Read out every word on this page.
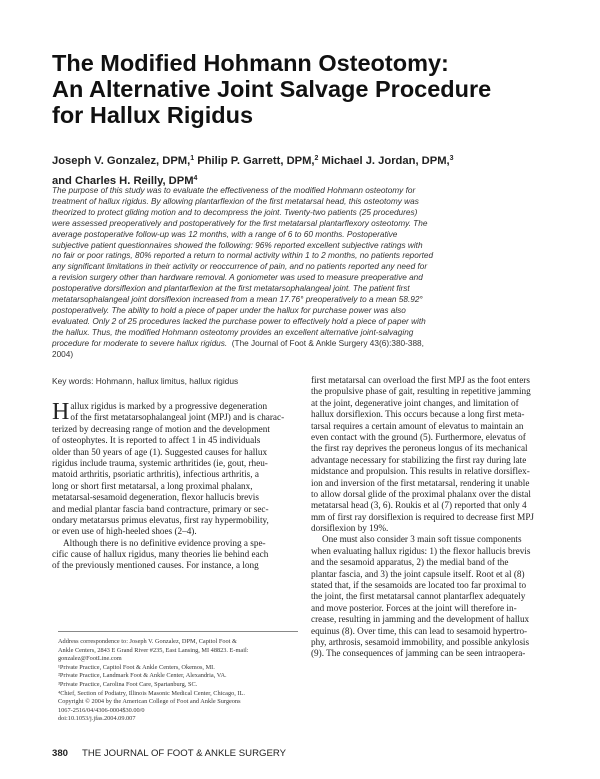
The Modified Hohmann Osteotomy:
An Alternative Joint Salvage Procedure
for Hallux Rigidus
Joseph V. Gonzalez, DPM,$^1$ Philip P. Garrett, DPM,$^2$ Michael J. Jordan, DPM,$^3$
and Charles H. Reilly, DPM$^4$
The purpose of this study was to evaluate the effectiveness of the modified Hohmann osteotomy for
treatment of hallux rigidus. By allowing plantarflexion of the first metatarsal head, this osteotomy was
theorized to protect gliding motion and to decompress the joint. Twenty-two patients (25 procedures)
were assessed preoperatively and postoperatively for the first metatarsal plantarflexory osteotomy. The
average postoperative follow-up was 12 months, with a range of 6 to 60 months. Postoperative
subjective patient questionnaires showed the following: 96% reported excellent subjective ratings with
no fair or poor ratings, 80% reported a return to normal activity within 1 to 2 months, no patients reported
any significant limitations in their activity or reoccurrence of pain, and no patients reported any need for
a revision surgery other than hardware removal. A goniometer was used to measure preoperative and
postoperative dorsiflexion and plantarflexion at the first metatarsophalangeal joint. The patient first
metatarsophalangeal joint dorsiflexion increased from a mean 17.76° preoperatively to a mean 58.92°
postoperatively. The ability to hold a piece of paper under the hallux for purchase power was also
evaluated. Only 2 of 25 procedures lacked the purchase power to effectively hold a piece of paper with
the hallux. Thus, the modified Hohmann osteotomy provides an excellent alternative joint-salvaging
procedure for moderate to severe hallux rigidus. (The Journal of Foot & Ankle Surgery 43(6):380-388,
2004)
Key words: Hohmann, hallux limitus, hallux rigidus
H allux rigidus is marked by a progressive degeneration
of the first metatarsophalangeal joint (MPJ) and is charac-
terized by decreasing range of motion and the development
of osteophytes. It is reported to affect 1 in 45 individuals
older than 50 years of age (1). Suggested causes for hallux
rigidus include trauma, systemic arthritides (ie, gout, rheu-
matoid arthritis, psoriatic arthritis), infectious arthritis, a
long or short first metatarsal, a long proximal phalanx,
metatarsal-sesamoid degeneration, flexor hallucis brevis
and medial plantar fascia band contracture, primary or sec-
ondary metatarsus primus elevatus, first ray hypermobility,
or even use of high-heeled shoes (2–4).
Although there is no definitive evidence proving a spe-
cific cause of hallux rigidus, many theories lie behind each
of the previously mentioned causes. For instance, a long
first metatarsal can overload the first MPJ as the foot enters
the propulsive phase of gait, resulting in repetitive jamming
at the joint, degenerative joint changes, and limitation of
hallux dorsiflexion. This occurs because a long first meta-
tarsal requires a certain amount of elevatus to maintain an
even contact with the ground (5). Furthermore, elevatus of
the first ray deprives the peroneus longus of its mechanical
advantage necessary for stabilizing the first ray during late
midstance and propulsion. This results in relative dorsiflex-
ion and inversion of the first metatarsal, rendering it unable
to allow dorsal glide of the proximal phalanx over the distal
metatarsal head (3, 6). Roukis et al (7) reported that only 4
mm of first ray dorsiflexion is required to decrease first MPJ
dorsiflexion by 19%.
One must also consider 3 main soft tissue components
when evaluating hallux rigidus: 1) the flexor hallucis brevis
and the sesamoid apparatus, 2) the medial band of the
plantar fascia, and 3) the joint capsule itself. Root et al (8)
stated that, if the sesamoids are located too far proximal to
the joint, the first metatarsal cannot plantarflex adequately
and move posterior. Forces at the joint will therefore in-
crease, resulting in jamming and the development of hallux
equinus (8). Over time, this can lead to sesamoid hypertro-
phy, arthrosis, sesamoid immobility, and possible ankylosis
(9). The consequences of jamming can be seen intraopera-
Address correspondence to: Joseph V. Gonzalez, DPM, Capitol Foot &
Ankle Centers, 2843 E Grand River #235, East Lansing, MI 48823. E-mail:
gonzalez@FootLine.com
¹Private Practice, Capitol Foot & Ankle Centers, Okemos, MI.
²Private Practice, Landmark Foot & Ankle Center, Alexandria, VA.
³Private Practice, Carolina Foot Care, Spartanburg, SC.
⁴Chief, Section of Podiatry, Illinois Masonic Medical Center, Chicago, IL.
Copyright © 2004 by the American College of Foot and Ankle Surgeons
1067-2516/04/4306-0004$30.00/0
doi:10.1053/j.jfas.2004.09.007
380 THE JOURNAL OF FOOT & ANKLE SURGERY
